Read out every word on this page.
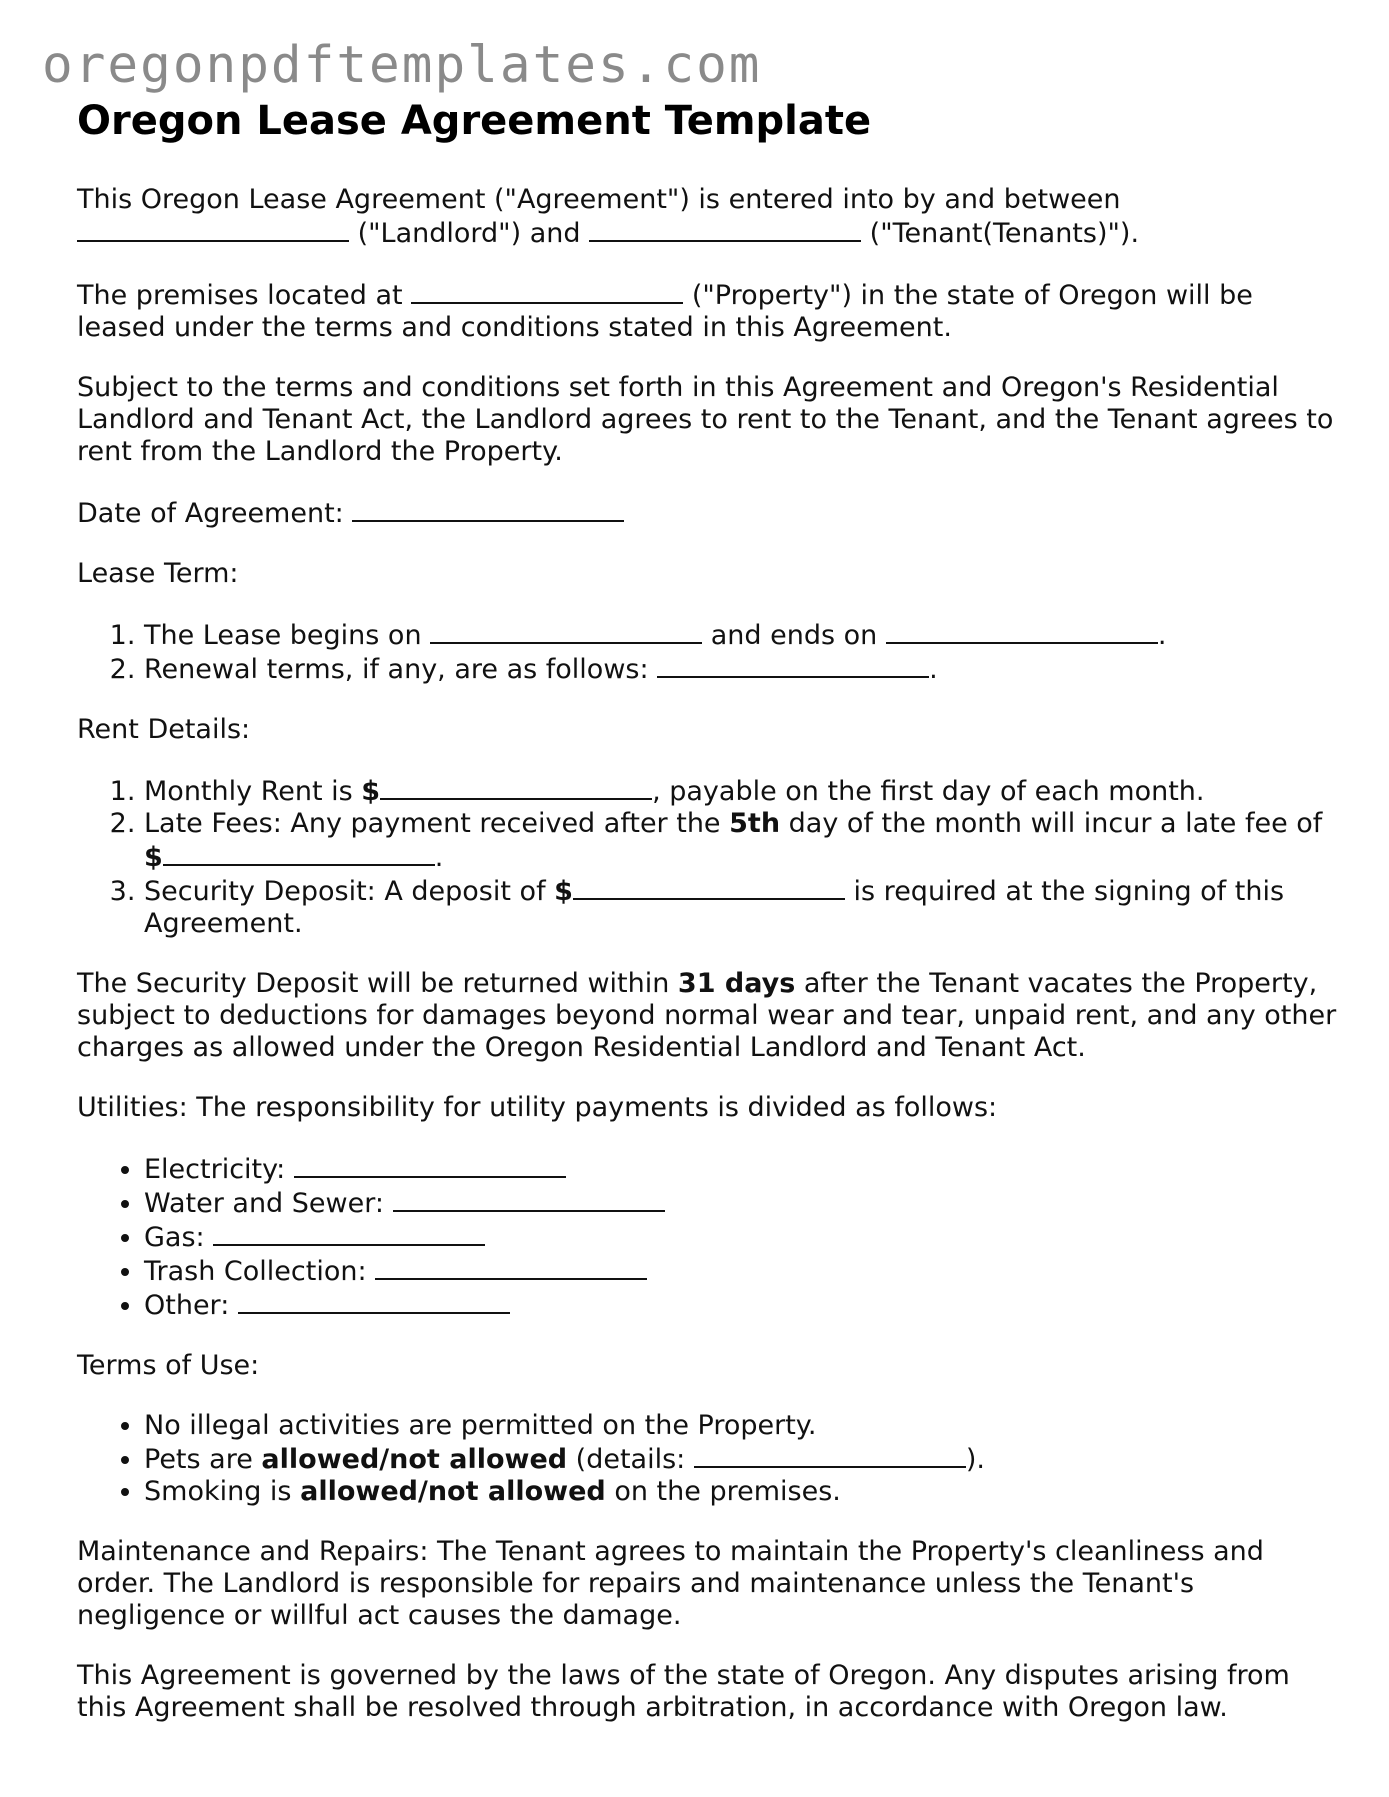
oregonpdftemplates.com
Oregon Lease Agreement Template

This Oregon Lease Agreement ("Agreement") is entered into by and between
("Landlord") and	("Tenant(Tenants)").

The premises located at	("Property") in the state of Oregon will be leased under the terms and conditions stated in this Agreement.

Subject to the terms and conditions set forth in this Agreement and Oregon's Residential Landlord and Tenant Act, the Landlord agrees to rent to the Tenant, and the Tenant agrees to rent from the Landlord the Property.

Date of Agreement:

Lease Term:

1. The Lease begins on	and ends on	.
2. Renewal terms, if any, are as follows:	.

Rent Details:

1. Monthly Rent is $	, payable on the first day of each month.
2. Late Fees: Any payment received after the 5th day of the month will incur a late fee of $	.
3. Security Deposit: A deposit of $	is required at the signing of this Agreement.

The Security Deposit will be returned within 31 days after the Tenant vacates the Property, subject to deductions for damages beyond normal wear and tear, unpaid rent, and any other charges as allowed under the Oregon Residential Landlord and Tenant Act.

Utilities: The responsibility for utility payments is divided as follows:

• Electricity:
• Water and Sewer:
• Gas:
• Trash Collection:
• Other:

Terms of Use:

• No illegal activities are permitted on the Property.
• Pets are allowed/not allowed (details:	).
• Smoking is allowed/not allowed on the premises.

Maintenance and Repairs: The Tenant agrees to maintain the Property's cleanliness and order. The Landlord is responsible for repairs and maintenance unless the Tenant's negligence or willful act causes the damage.

This Agreement is governed by the laws of the state of Oregon. Any disputes arising from this Agreement shall be resolved through arbitration, in accordance with Oregon law.
